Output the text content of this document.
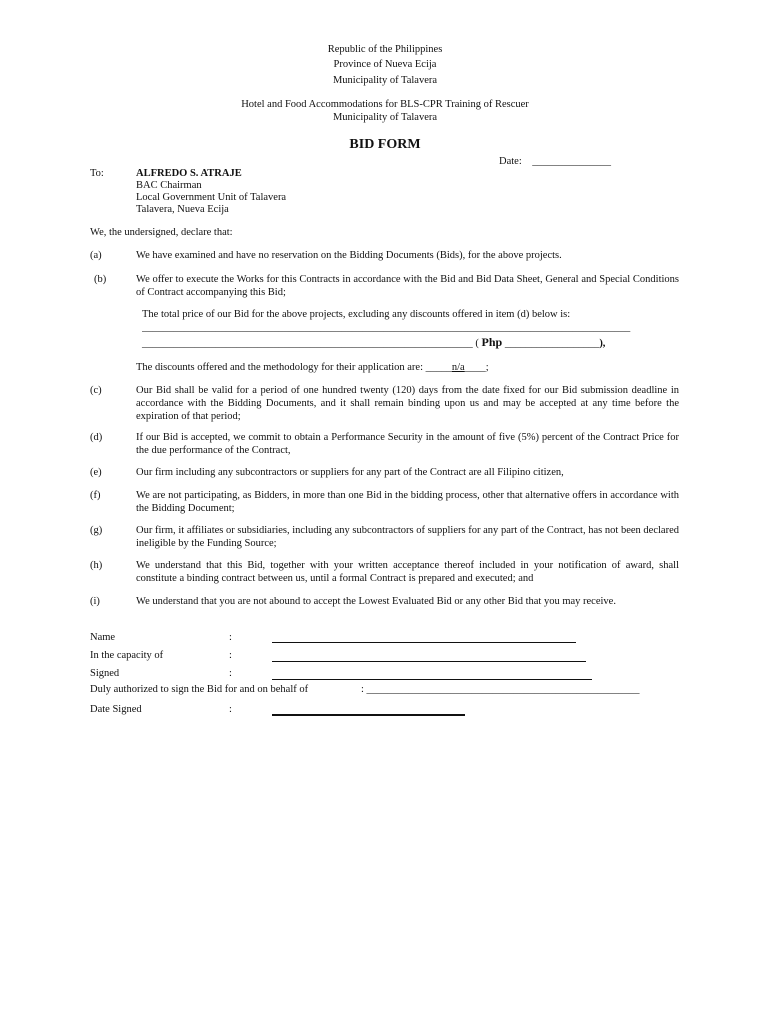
Republic of the Philippines
Province of Nueva Ecija
Municipality of Talavera
Hotel and Food Accommodations for BLS-CPR Training of Rescuer
Municipality of Talavera
BID FORM
Date: _______________
To:	ALFREDO S. ATRAJE
BAC Chairman
Local Government Unit of Talavera
Talavera, Nueva Ecija
We, the undersigned, declare that:
(a)	We have examined and have no reservation on the Bidding Documents (Bids), for the above projects.
(b)	We offer to execute the Works for this Contracts in accordance with the Bid and Bid Data Sheet, General and Special Conditions of Contract accompanying this Bid;
The total price of our Bid for the above projects, excluding any discounts offered in item (d) below is:
_____________________________________________________________________________________________
_______________________________________________________________ ( Php __________________),
The discounts offered and the methodology for their application are: _____n/a____;
(c)	Our Bid shall be valid for a period of one hundred twenty (120) days from the date fixed for our Bid submission deadline in accordance with the Bidding Documents, and it shall remain binding upon us and may be accepted at any time before the expiration of that period;
(d)	If our Bid is accepted, we commit to obtain a Performance Security in the amount of five (5%) percent of the Contract Price for the due performance of the Contract,
(e)	Our firm including any subcontractors or suppliers for any part of the Contract are all Filipino citizen,
(f)	We are not participating, as Bidders, in more than one Bid in the bidding process, other that alternative offers in accordance with the Bidding Document;
(g)	Our firm, it affiliates or subsidiaries, including any subcontractors of suppliers for any part of the Contract, has not been declared ineligible by the Funding Source;
(h)	We understand that this Bid, together with your written acceptance thereof included in your notification of award, shall constitute a binding contract between us, until a formal Contract is prepared and executed; and
(i)	We understand that you are not abound to accept the Lowest Evaluated Bid or any other Bid that you may receive.
Name	:
In the capacity of	:
Signed	:
Duly authorized to sign the Bid for and on behalf of	: ____________________________________________________
Date Signed	:
